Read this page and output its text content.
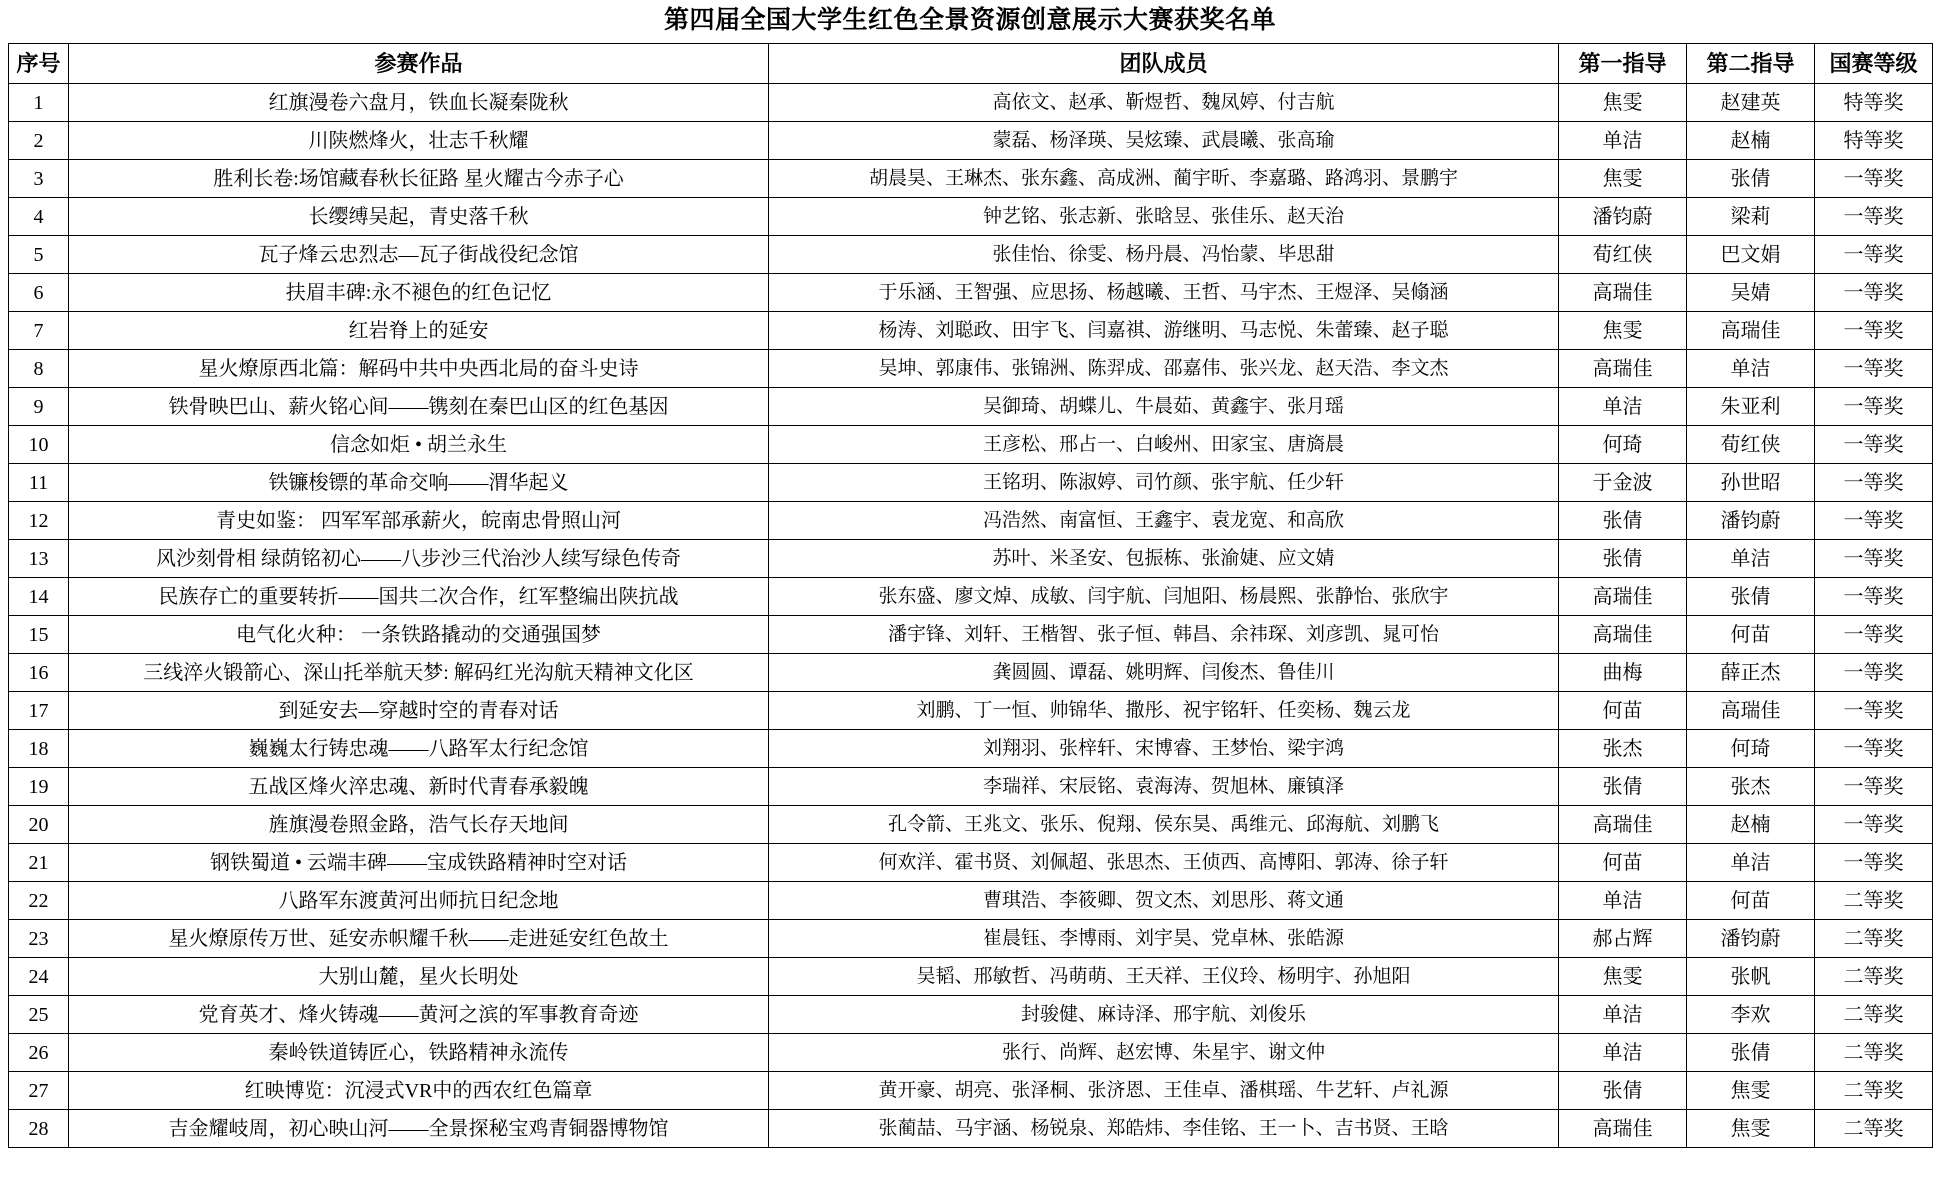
第四届全国大学生红色全景资源创意展示大赛获奖名单
序号	参赛作品	团队成员	第一指导	第二指导	国赛等级
1	红旗漫卷六盘月，铁血长凝秦陇秋	高依文、赵承、靳煜哲、魏凤婷、付吉航	焦雯	赵建英	特等奖
2	川陕燃烽火，壮志千秋耀	蒙磊、杨泽瑛、吴炫臻、武晨曦、张高瑜	单洁	赵楠	特等奖
3	胜利长卷:场馆藏春秋长征路 星火耀古今赤子心	胡晨昊、王琳杰、张东鑫、高成洲、蔺宇昕、李嘉璐、路鸿羽、景鹏宇	焦雯	张倩	一等奖
4	长缨缚吴起，青史落千秋	钟艺铭、张志新、张晗昱、张佳乐、赵天治	潘钧蔚	梁莉	一等奖
5	瓦子烽云忠烈志—瓦子街战役纪念馆	张佳怡、徐雯、杨丹晨、冯怡蒙、毕思甜	荀红侠	巴文娟	一等奖
6	扶眉丰碑:永不褪色的红色记忆	于乐涵、王智强、应思扬、杨越曦、王哲、马宇杰、王煜泽、吴翛涵	高瑞佳	吴婧	一等奖
7	红岩脊上的延安	杨涛、刘聪政、田宇飞、闫嘉祺、游继明、马志悦、朱蕾臻、赵子聪	焦雯	高瑞佳	一等奖
8	星火燎原西北篇：解码中共中央西北局的奋斗史诗	吴坤、郭康伟、张锦洲、陈羿成、邵嘉伟、张兴龙、赵天浩、李文杰	高瑞佳	单洁	一等奖
9	铁骨映巴山、薪火铭心间——镌刻在秦巴山区的红色基因	吴御琦、胡蝶儿、牛晨茹、黄鑫宇、张月瑶	单洁	朱亚利	一等奖
10	信念如炬 • 胡兰永生	王彦松、邢占一、白峻州、田家宝、唐旖晨	何琦	荀红侠	一等奖
11	铁镰梭镖的革命交响——渭华起义	王铭玥、陈淑婷、司竹颜、张宇航、任少轩	于金波	孙世昭	一等奖
12	青史如鉴： 四军军部承薪火，皖南忠骨照山河	冯浩然、南富恒、王鑫宇、袁龙宽、和高欣	张倩	潘钧蔚	一等奖
13	风沙刻骨相 绿荫铭初心——八步沙三代治沙人续写绿色传奇	苏叶、米圣安、包振栋、张渝婕、应文婧	张倩	单洁	一等奖
14	民族存亡的重要转折——国共二次合作，红军整编出陕抗战	张东盛、廖文焯、成敏、闫宇航、闫旭阳、杨晨熙、张静怡、张欣宇	高瑞佳	张倩	一等奖
15	电气化火种： 一条铁路撬动的交通强国梦	潘宇锋、刘轩、王楷智、张子恒、韩昌、余祎琛、刘彦凯、晁可怡	高瑞佳	何苗	一等奖
16	三线淬火锻箭心、深山托举航天梦: 解码红光沟航天精神文化区	龚圆圆、谭磊、姚明辉、闫俊杰、鲁佳川	曲梅	薛正杰	一等奖
17	到延安去—穿越时空的青春对话	刘鹏、丁一恒、帅锦华、撒彤、祝宇铭轩、任奕杨、魏云龙	何苗	高瑞佳	一等奖
18	巍巍太行铸忠魂——八路军太行纪念馆	刘翔羽、张梓轩、宋博睿、王梦怡、梁宇鸿	张杰	何琦	一等奖
19	五战区烽火淬忠魂、新时代青春承毅魄	李瑞祥、宋辰铭、袁海涛、贺旭林、廉镇泽	张倩	张杰	一等奖
20	旌旗漫卷照金路，浩气长存天地间	孔令箭、王兆文、张乐、倪翔、侯东昊、禹维元、邱海航、刘鹏飞	高瑞佳	赵楠	一等奖
21	钢铁蜀道 • 云端丰碑——宝成铁路精神时空对话	何欢洋、霍书贤、刘佩超、张思杰、王侦西、高博阳、郭涛、徐子轩	何苗	单洁	一等奖
22	八路军东渡黄河出师抗日纪念地	曹琪浩、李筱卿、贺文杰、刘思彤、蒋文通	单洁	何苗	二等奖
23	星火燎原传万世、延安赤帜耀千秋——走进延安红色故土	崔晨钰、李博雨、刘宇昊、党卓林、张皓源	郝占辉	潘钧蔚	二等奖
24	大别山麓，星火长明处	吴韬、邢敏哲、冯萌萌、王天祥、王仪玲、杨明宇、孙旭阳	焦雯	张帆	二等奖
25	党育英才、烽火铸魂——黄河之滨的军事教育奇迹	封骏健、麻诗泽、邢宇航、刘俊乐	单洁	李欢	二等奖
26	秦岭铁道铸匠心，铁路精神永流传	张行、尚辉、赵宏博、朱星宇、谢文仲	单洁	张倩	二等奖
27	红映博览：沉浸式VR中的西农红色篇章	黄开豪、胡亮、张泽桐、张济恩、王佳卓、潘棋瑶、牛艺轩、卢礼源	张倩	焦雯	二等奖
28	吉金耀岐周，初心映山河——全景探秘宝鸡青铜器博物馆	张蔺喆、马宇涵、杨锐泉、郑皓炜、李佳铭、王一卜、吉书贤、王晗	高瑞佳	焦雯	二等奖
